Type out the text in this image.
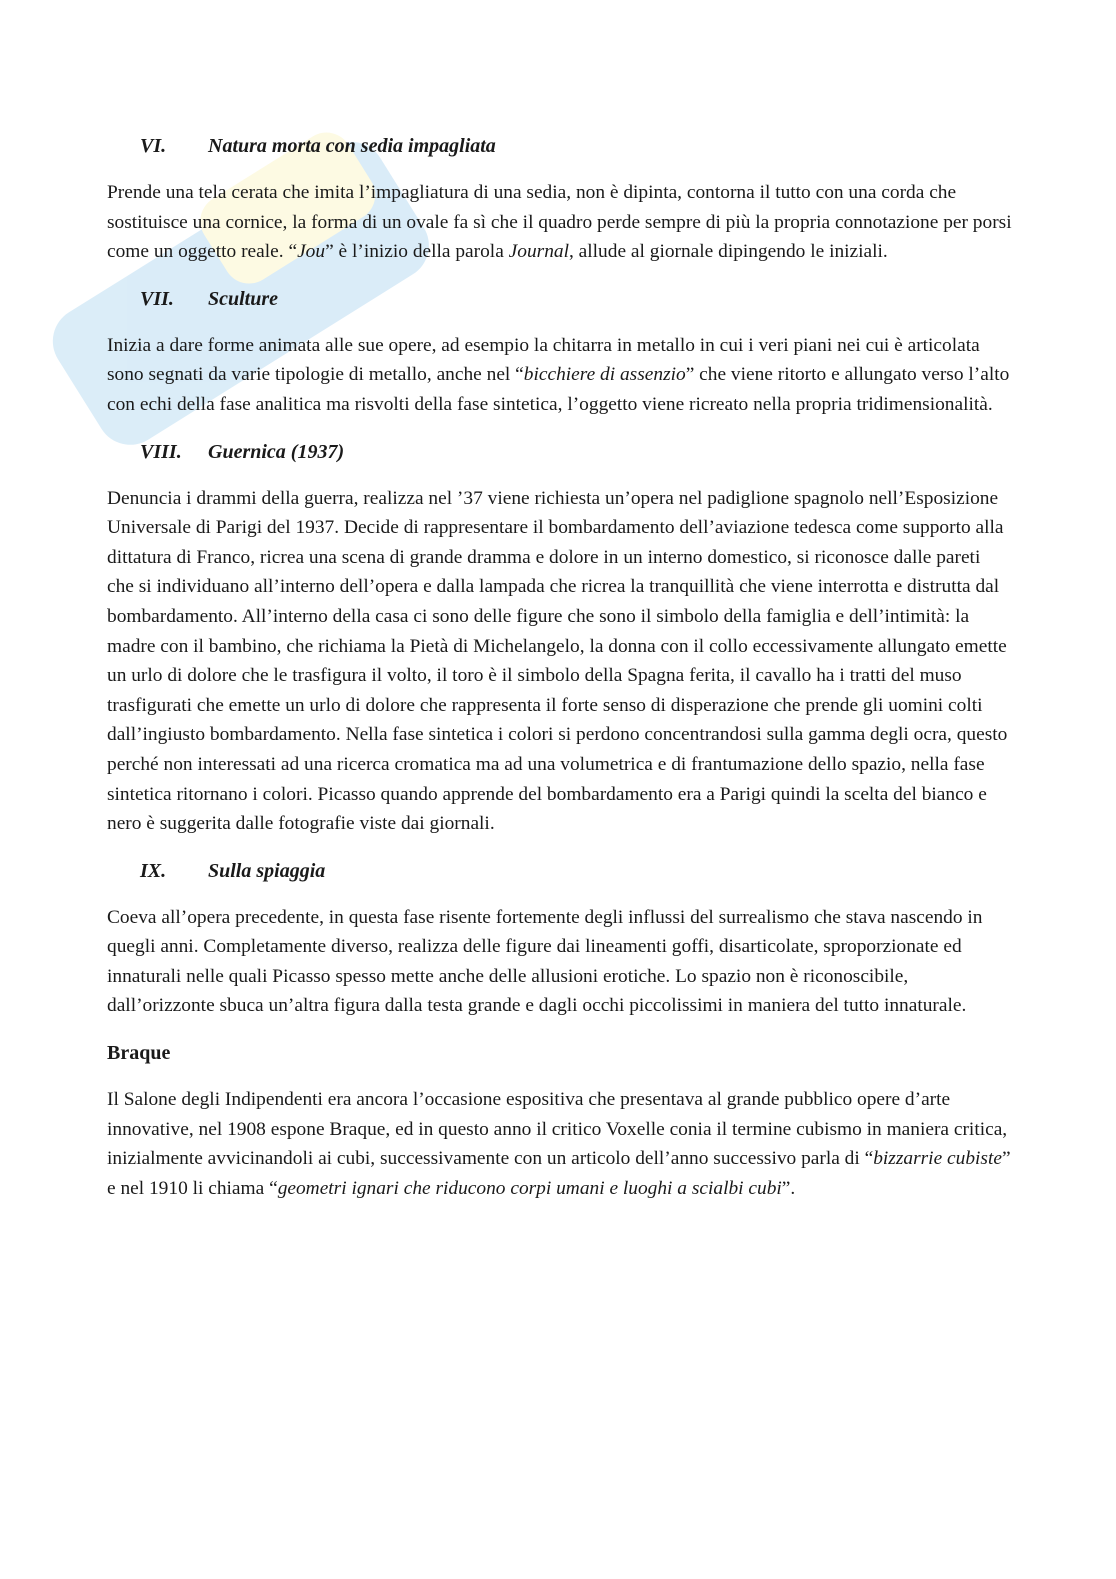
VI. Natura morta con sedia impagliata

Prende una tela cerata che imita l’impagliatura di una sedia, non è dipinta, contorna il tutto con una corda che sostituisce una cornice, la forma di un ovale fa sì che il quadro perde sempre di più la propria connotazione per porsi come un oggetto reale. “Jou” è l’inizio della parola Journal, allude al giornale dipingendo le iniziali.

VII. Sculture

Inizia a dare forme animata alle sue opere, ad esempio la chitarra in metallo in cui i veri piani nei cui è articolata sono segnati da varie tipologie di metallo, anche nel “bicchiere di assenzio” che viene ritorto e allungato verso l’alto con echi della fase analitica ma risvolti della fase sintetica, l’oggetto viene ricreato nella propria tridimensionalità.

VIII. Guernica (1937)

Denuncia i drammi della guerra, realizza nel ’37 viene richiesta un’opera nel padiglione spagnolo nell’Esposizione Universale di Parigi del 1937. Decide di rappresentare il bombardamento dell’aviazione tedesca come supporto alla dittatura di Franco, ricrea una scena di grande dramma e dolore in un interno domestico, si riconosce dalle pareti che si individuano all’interno dell’opera e dalla lampada che ricrea la tranquillità che viene interrotta e distrutta dal bombardamento. All’interno della casa ci sono delle figure che sono il simbolo della famiglia e dell’intimità: la madre con il bambino, che richiama la Pietà di Michelangelo, la donna con il collo eccessivamente allungato emette un urlo di dolore che le trasfigura il volto, il toro è il simbolo della Spagna ferita, il cavallo ha i tratti del muso trasfigurati che emette un urlo di dolore che rappresenta il forte senso di disperazione che prende gli uomini colti dall’ingiusto bombardamento. Nella fase sintetica i colori si perdono concentrandosi sulla gamma degli ocra, questo perché non interessati ad una ricerca cromatica ma ad una volumetrica e di frantumazione dello spazio, nella fase sintetica ritornano i colori. Picasso quando apprende del bombardamento era a Parigi quindi la scelta del bianco e nero è suggerita dalle fotografie viste dai giornali.

IX. Sulla spiaggia

Coeva all’opera precedente, in questa fase risente fortemente degli influssi del surrealismo che stava nascendo in quegli anni. Completamente diverso, realizza delle figure dai lineamenti goffi, disarticolate, sproporzionate ed innaturali nelle quali Picasso spesso mette anche delle allusioni erotiche. Lo spazio non è riconoscibile, dall’orizzonte sbuca un’altra figura dalla testa grande e dagli occhi piccolissimi in maniera del tutto innaturale.

Braque

Il Salone degli Indipendenti era ancora l’occasione espositiva che presentava al grande pubblico opere d’arte innovative, nel 1908 espone Braque, ed in questo anno il critico Voxelle conia il termine cubismo in maniera critica, inizialmente avvicinandoli ai cubi, successivamente con un articolo dell’anno successivo parla di “bizzarrie cubiste” e nel 1910 li chiama “geometri ignari che riducono corpi umani e luoghi a scialbi cubi”.
